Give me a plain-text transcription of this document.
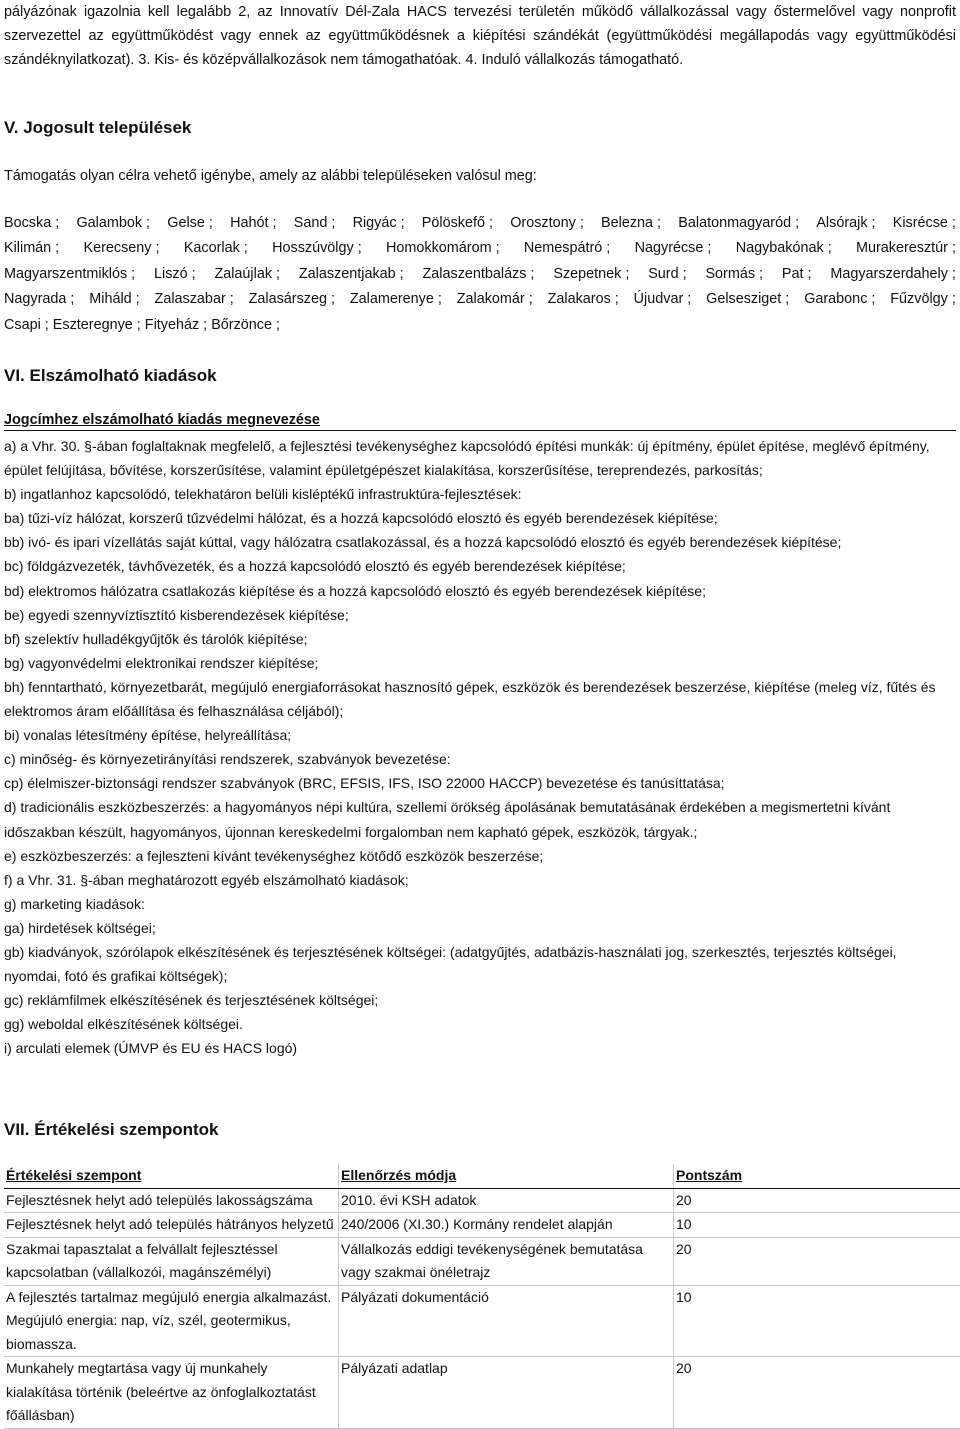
pályázónak igazolnia kell legalább 2, az Innovatív Dél-Zala HACS tervezési területén működő vállalkozással vagy őstermelővel vagy nonprofit

szervezettel az együttműködést vagy ennek az együttműködésnek a kiépítési szándékát (együttműködési megállapodás vagy együttműködési

szándéknyilatkozat). 3. Kis- és középvállalkozások nem támogathatóak. 4. Induló vállalkozás támogatható.

V. Jogosult települések
Támogatás olyan célra vehető igénybe, amely az alábbi településeken valósul meg:
Bocska ; Galambok ; Gelse ; Hahót ; Sand ; Rigyác ; Pölöskefő ; Orosztony ; Belezna ; Balatonmagyaród ; Alsórajk ; Kisrécse ;
Kilimán ; Kerecseny ; Kacorlak ; Hosszúvölgy ; Homokkomárom ; Nemespátró ; Nagyrécse ; Nagybakónak ; Murakeresztúr ;
Magyarszentmiklós ; Liszó ; Zalaújlak ; Zalaszentjakab ; Zalaszentbalázs ; Szepetnek ; Surd ; Sormás ; Pat ; Magyarszerdahely ;
Nagyrada ; Miháld ; Zalaszabar ; Zalasárszeg ; Zalamerenye ; Zalakomár ; Zalakaros ; Újudvar ; Gelsesziget ; Garabonc ; Fűzvölgy ;
Csapi ; Eszteregnye ; Fityeház ; Bőrzönce ;
VI. Elszámolható kiadások
Jogcímhez elszámolható kiadás megnevezése

a) a Vhr. 30. §-ában foglaltaknak megfelelő, a fejlesztési tevékenységhez kapcsolódó építési munkák: új építmény, épület építése, meglévő építmény, épület felújítása, bővítése, korszerűsítése, valamint épületgépészet kialakítása, korszerűsítése, tereprendezés, parkosítás;

b) ingatlanhoz kapcsolódó, telekhatáron belüli kisléptékű infrastruktúra-fejlesztések:

ba) tűzi-víz hálózat, korszerű tűzvédelmi hálózat, és a hozzá kapcsolódó elosztó és egyéb berendezések kiépítése;

bb) ivó- és ipari vízellátás saját kúttal, vagy hálózatra csatlakozással, és a hozzá kapcsolódó elosztó és egyéb berendezések kiépítése;

bc) földgázvezeték, távhővezeték, és a hozzá kapcsolódó elosztó és egyéb berendezések kiépítése;

bd) elektromos hálózatra csatlakozás kiépítése és a hozzá kapcsolódó elosztó és egyéb berendezések kiépítése;

be) egyedi szennyvíztisztító kisberendezések kiépítése;

bf) szelektív hulladékgyűjtők és tárolók kiépítése;

bg) vagyonvédelmi elektronikai rendszer kiépítése;

bh) fenntartható, környezetbarát, megújuló energiaforrásokat hasznosító gépek, eszközök és berendezések beszerzése, kiépítése (meleg víz, fűtés és elektromos áram előállítása és felhasználása céljából);

bi) vonalas létesítmény építése, helyreállítása;

c) minőség- és környezetirányítási rendszerek, szabványok bevezetése:

cp) élelmiszer-biztonsági rendszer szabványok (BRC, EFSIS, IFS, ISO 22000 HACCP) bevezetése és tanúsíttatása;

d) tradicionális eszközbeszerzés: a hagyományos népi kultúra, szellemi örökség ápolásának bemutatásának érdekében a megismertetni kívánt időszakban készült, hagyományos, újonnan kereskedelmi forgalomban nem kapható gépek, eszközök, tárgyak.;

e) eszközbeszerzés: a fejleszteni kívánt tevékenységhez kötődő eszközök beszerzése;

f) a Vhr. 31. §-ában meghatározott egyéb elszámolható kiadások;

g) marketing kiadások:

ga) hirdetések költségei;

gb) kiadványok, szórólapok elkészítésének és terjesztésének költségei: (adatgyűjtés, adatbázis-használati jog, szerkesztés, terjesztés költségei, nyomdai, fotó és grafikai költségek);

gc) reklámfilmek elkészítésének és terjesztésének költségei;

gg) weboldal elkészítésének költségei.

i) arculati elemek (ÚMVP és EU és HACS logó)

VII. Értékelési szempontok
Értékelési szempont	Ellenőrzés módja	Pontszám
Fejlesztésnek helyt adó település lakosságszáma	2010. évi KSH adatok	20
Fejlesztésnek helyt adó település hátrányos helyzetű	240/2006 (XI.30.) Kormány rendelet alapján	10
Szakmai tapasztalat a felvállalt fejlesztéssel kapcsolatban (vállalkozói, magánszémélyi)	Vállalkozás eddigi tevékenységének bemutatása vagy szakmai önéletrajz	20
A fejlesztés tartalmaz megújuló energia alkalmazást. Megújuló energia: nap, víz, szél, geotermikus, biomassza.	Pályázati dokumentáció	10
Munkahely megtartása vagy új munkahely kialakítása történik (beleértve az önfoglalkoztatást főállásban)	Pályázati adatlap	20
